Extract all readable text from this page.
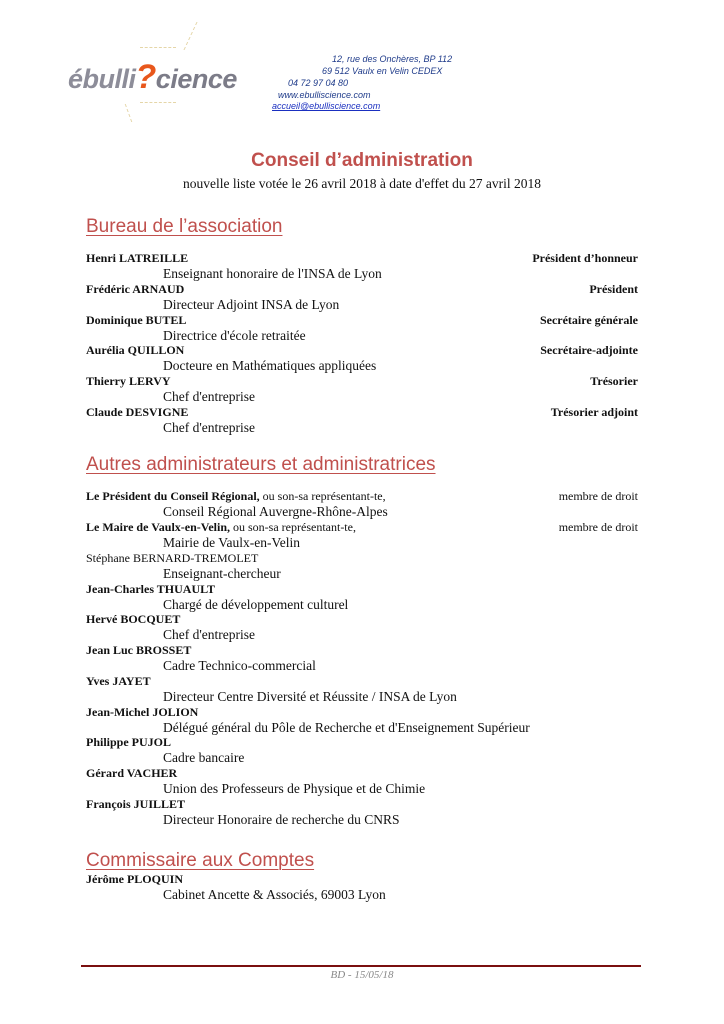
ébulli?cience
12, rue des Onchères, BP 112
69 512 Vaulx en Velin CEDEX
04 72 97 04 80
www.ebulliscience.com
accueil@ebulliscience.com
Conseil d’administration
nouvelle liste votée le 26 avril 2018 à date d'effet du 27 avril 2018
Bureau de l’association
Henri LATREILLE	Président d’honneur
Enseignant honoraire de l'INSA de Lyon
Frédéric ARNAUD	Président
Directeur Adjoint INSA de Lyon
Dominique BUTEL	Secrétaire générale
Directrice d'école retraitée
Aurélia QUILLON	Secrétaire-adjointe
Docteure en Mathématiques appliquées
Thierry LERVY	Trésorier
Chef d'entreprise
Claude DESVIGNE	Trésorier adjoint
Chef d'entreprise
Autres administrateurs et administratrices
Le Président du Conseil Régional, ou son-sa représentant-te,	membre de droit
Conseil Régional Auvergne-Rhône-Alpes
Le Maire de Vaulx-en-Velin, ou son-sa représentant-te,	membre de droit
Mairie de Vaulx-en-Velin
Stéphane BERNARD-TREMOLET
Enseignant-chercheur
Jean-Charles THUAULT
Chargé de développement culturel
Hervé BOCQUET
Chef d'entreprise
Jean Luc BROSSET
Cadre Technico-commercial
Yves JAYET
Directeur Centre Diversité et Réussite / INSA de Lyon
Jean-Michel JOLION
Délégué général du Pôle de Recherche et d'Enseignement Supérieur
Philippe PUJOL
Cadre bancaire
Gérard VACHER
Union des Professeurs de Physique et de Chimie
François JUILLET
Directeur Honoraire de recherche du CNRS
Commissaire aux Comptes
Jérôme PLOQUIN
Cabinet Ancette & Associés, 69003 Lyon
BD - 15/05/18
